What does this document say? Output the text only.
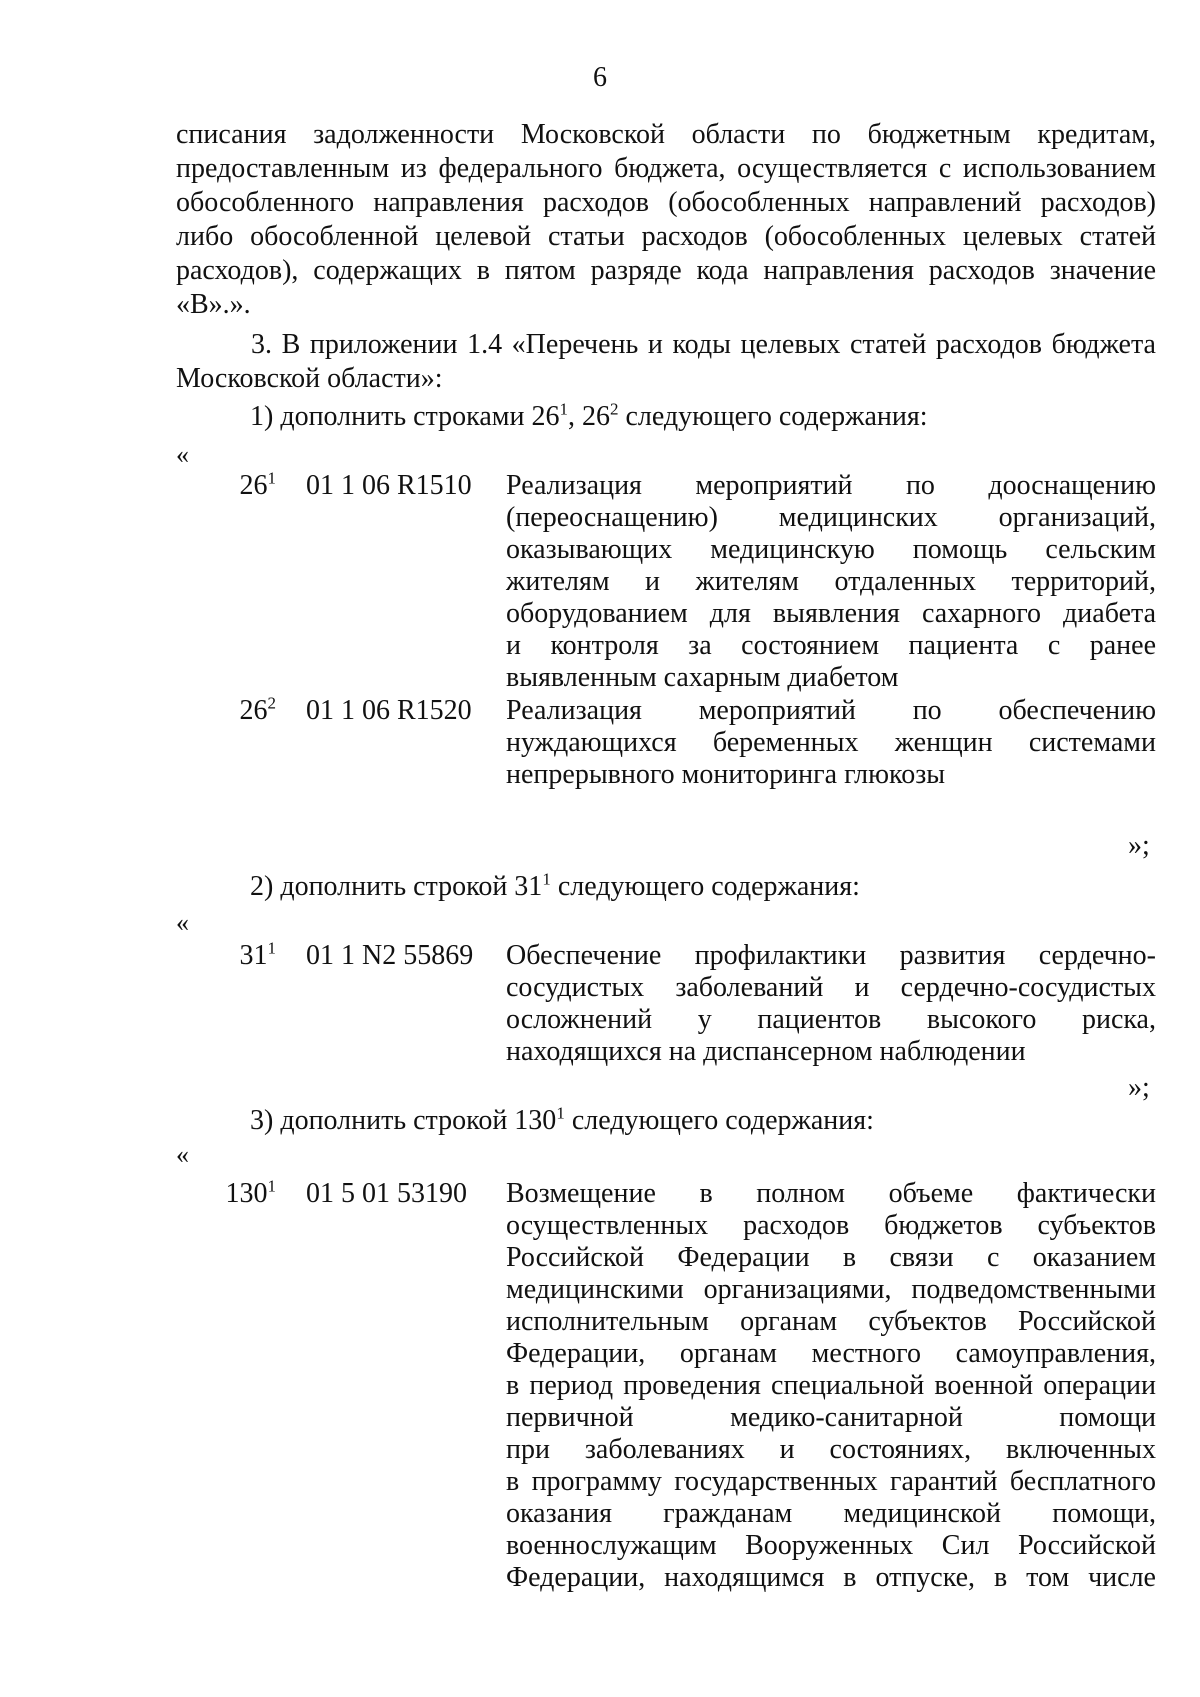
6

списания задолженности Московской области по бюджетным кредитам, предоставленным из федерального бюджета, осуществляется с использованием обособленного направления расходов (обособленных направлений расходов) либо обособленной целевой статьи расходов (обособленных целевых статей расходов), содержащих в пятом разряде кода направления расходов значение «В».».

3. В приложении 1.4 «Перечень и коды целевых статей расходов бюджета Московской области»:

1) дополнить строками $26^1$, $26^2$ следующего содержания:
«
$26^1$ 01 1 06 R1510 Реализация мероприятий по дооснащению
(переоснащению) медицинских организаций,
оказывающих медицинскую помощь сельским
жителям и жителям отдаленных территорий,
оборудованием для выявления сахарного диабета
и контроля за состоянием пациента с ранее
выявленным сахарным диабетом
$26^2$ 01 1 06 R1520 Реализация мероприятий по обеспечению
нуждающихся беременных женщин системами
непрерывного мониторинга глюкозы
»;
2) дополнить строкой $31^1$ следующего содержания:
«
$31^1$ 01 1 N2 55869 Обеспечение профилактики развития сердечно-
сосудистых заболеваний и сердечно-сосудистых
осложнений у пациентов высокого риска,
находящихся на диспансерном наблюдении
»;
3) дополнить строкой $130^1$ следующего содержания:
«
$130^1$ 01 5 01 53190 Возмещение в полном объеме фактически
осуществленных расходов бюджетов субъектов
Российской Федерации в связи с оказанием
медицинскими организациями, подведомственными
исполнительным органам субъектов Российской
Федерации, органам местного самоуправления,
в период проведения специальной военной операции
первичной медико-санитарной помощи
при заболеваниях и состояниях, включенных
в программу государственных гарантий бесплатного
оказания гражданам медицинской помощи,
военнослужащим Вооруженных Сил Российской
Федерации, находящимся в отпуске, в том числе
